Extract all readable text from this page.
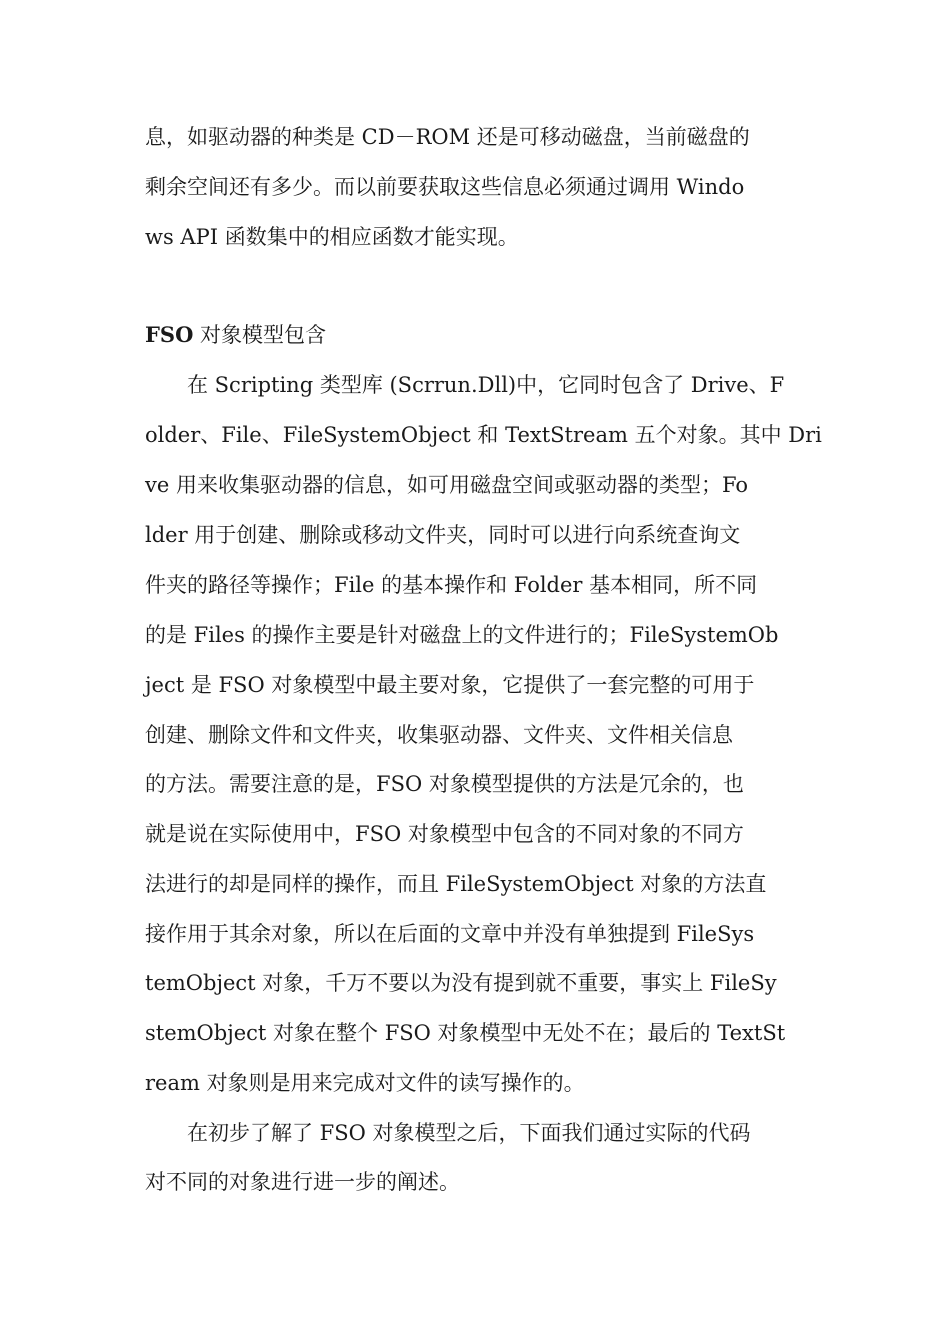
息，如驱动器的种类是 CD－ROM 还是可移动磁盘，当前磁盘的
剩余空间还有多少。而以前要获取这些信息必须通过调用 Windo
ws API 函数集中的相应函数才能实现。
FSO 对象模型包含
　　在 Scripting 类型库 (Scrrun.Dll)中，它同时包含了 Drive、F
older、File、FileSystemObject 和 TextStream 五个对象。其中 Dri
ve 用来收集驱动器的信息，如可用磁盘空间或驱动器的类型；Fo
lder 用于创建、删除或移动文件夹，同时可以进行向系统查询文
件夹的路径等操作；File 的基本操作和 Folder 基本相同，所不同
的是 Files 的操作主要是针对磁盘上的文件进行的；FileSystemOb
ject 是 FSO 对象模型中最主要对象，它提供了一套完整的可用于
创建、删除文件和文件夹，收集驱动器、文件夹、文件相关信息
的方法。需要注意的是，FSO 对象模型提供的方法是冗余的，也
就是说在实际使用中，FSO 对象模型中包含的不同对象的不同方
法进行的却是同样的操作，而且 FileSystemObject 对象的方法直
接作用于其余对象，所以在后面的文章中并没有单独提到 FileSys
temObject 对象，千万不要以为没有提到就不重要，事实上 FileSy
stemObject 对象在整个 FSO 对象模型中无处不在；最后的 TextSt
ream 对象则是用来完成对文件的读写操作的。
　　在初步了解了 FSO 对象模型之后，下面我们通过实际的代码
对不同的对象进行进一步的阐述。
